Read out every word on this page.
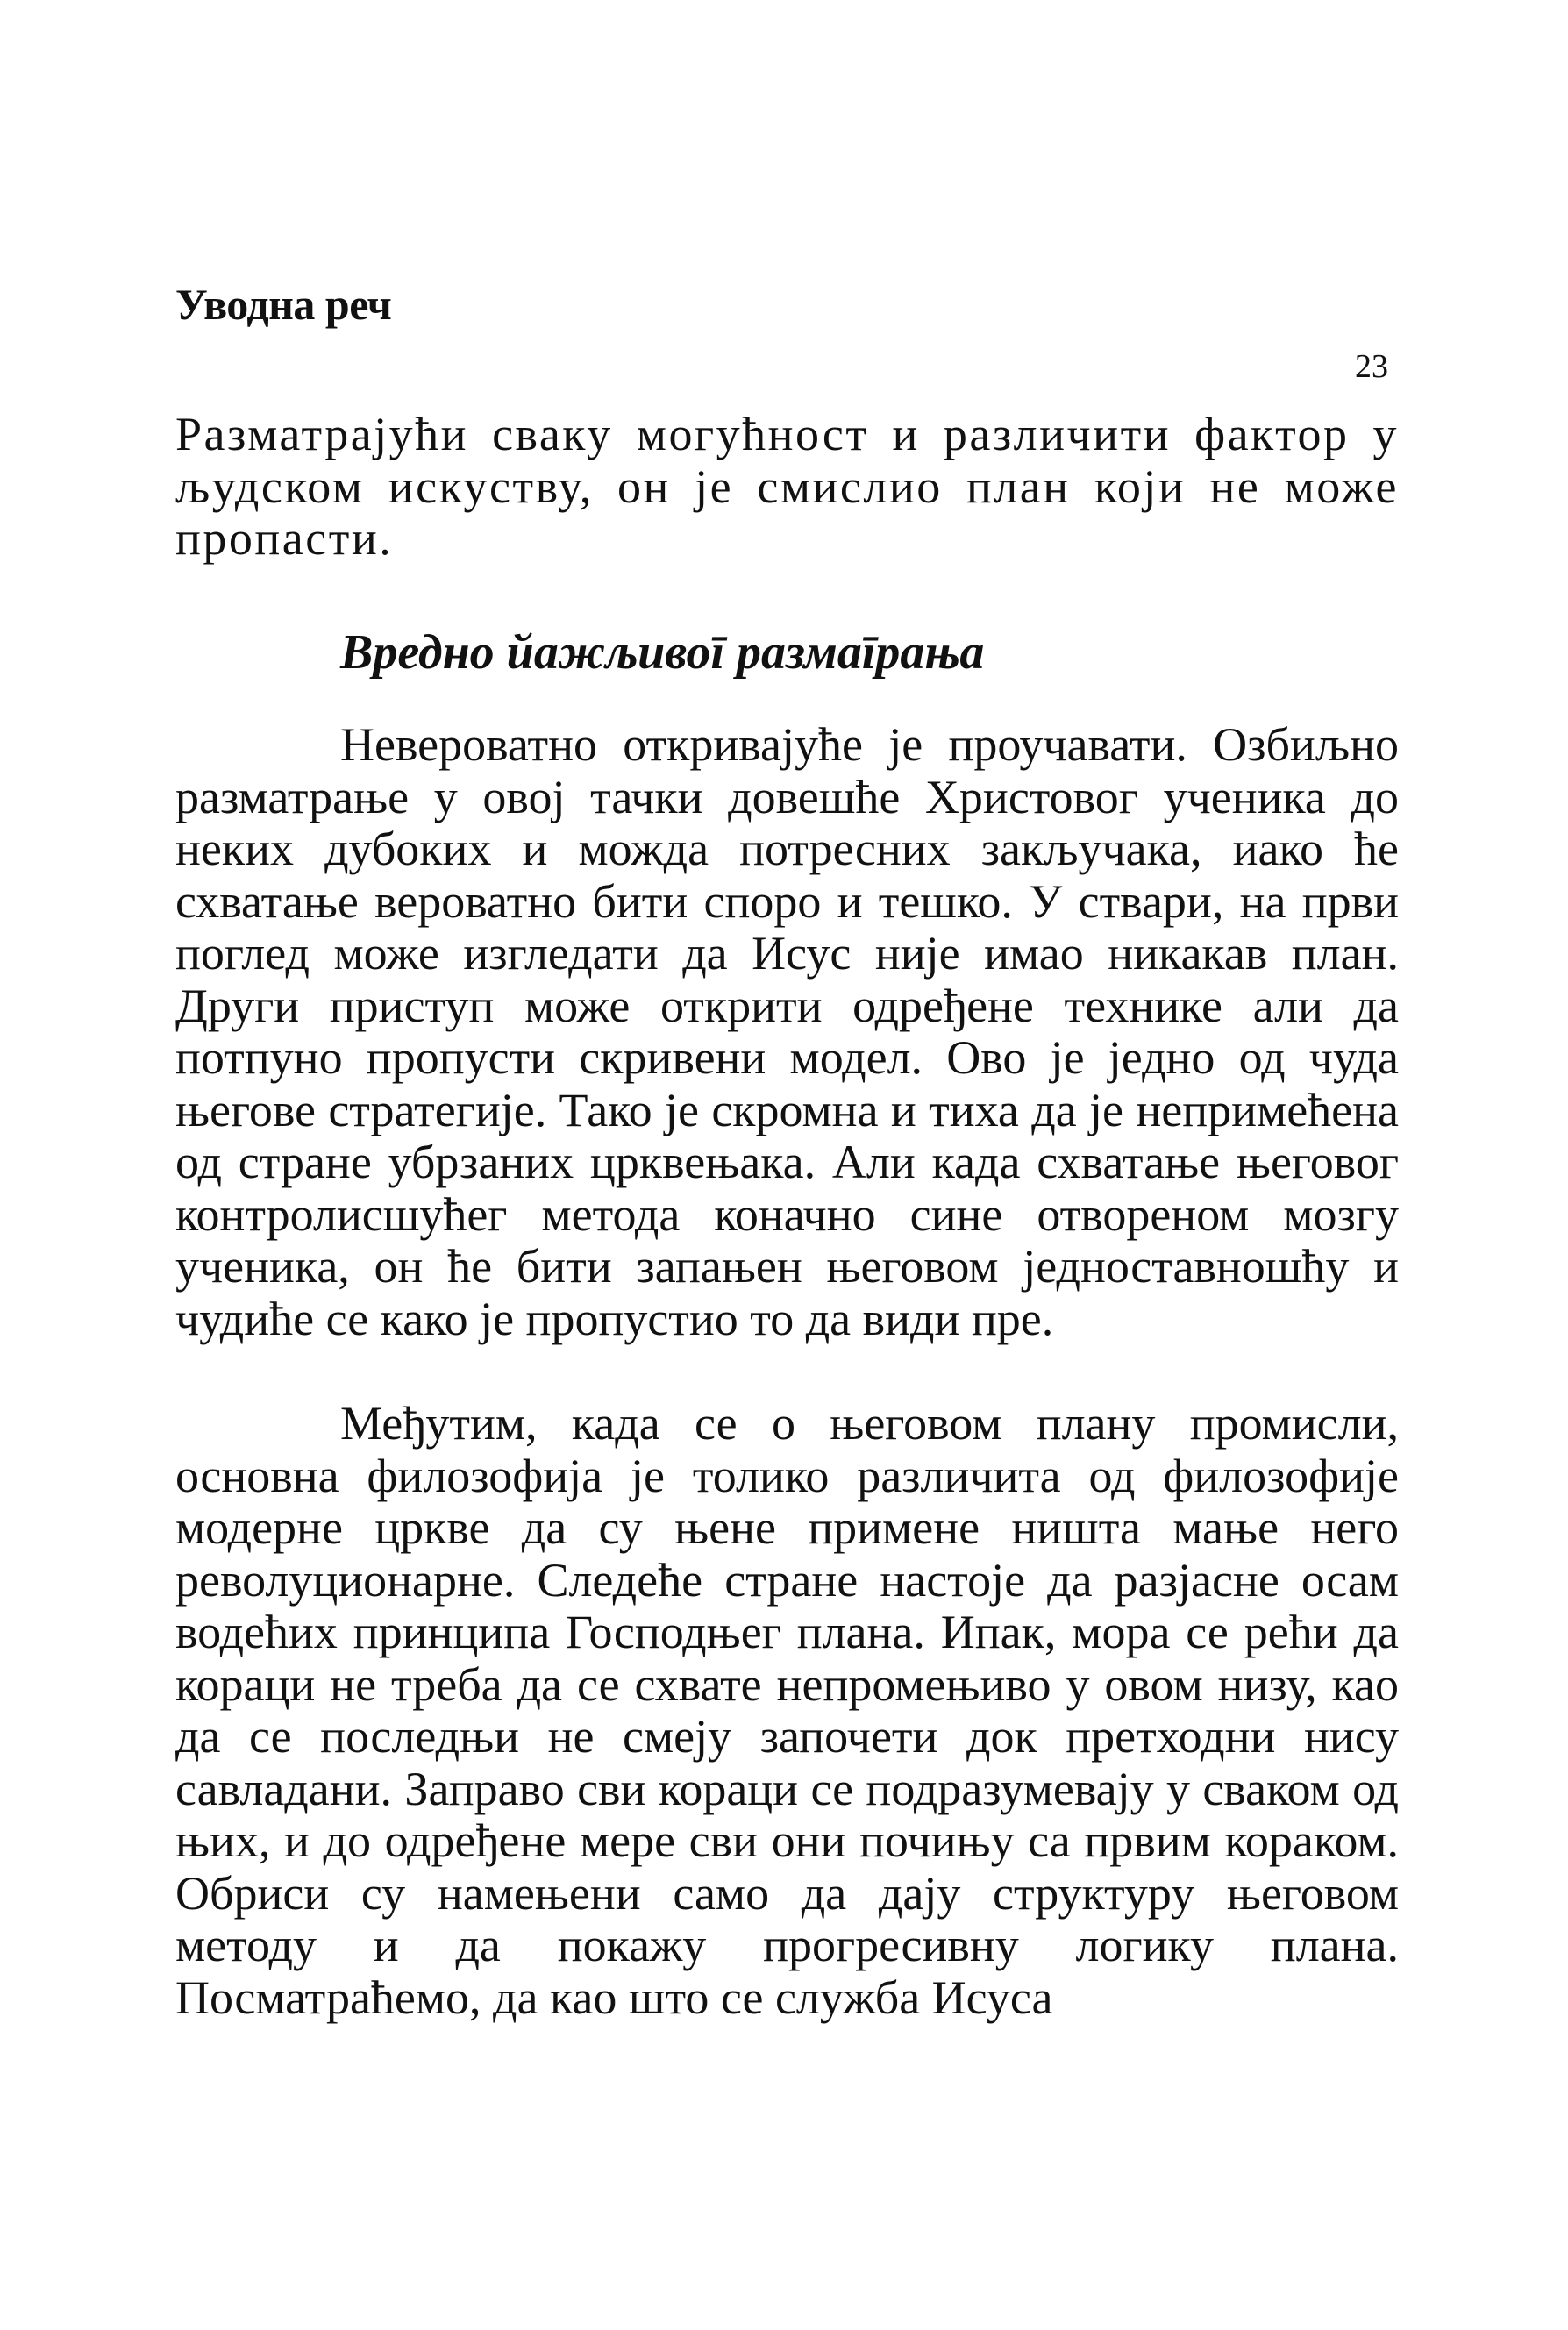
Уводна реч
23

Разматрајући сваку могућност и различити фактор у људском искуству, он је смислио план који не може пропасти.

Вредно йажљивоī размаīрања

Невероватно откривајуће је проучавати. Озбиљно разматрање у овој тачки довешће Христовог ученика до неких дубоких и можда потресних закључака, иако ће схватање вероватно бити споро и тешко. У ствари, на први поглед може изгледати да Исус није имао никакав план. Други приступ може открити одређене технике али да потпуно пропусти скривени модел. Ово је једно од чуда његове стратегије. Тако је скромна и тиха да је непримећена од стране убрзаних црквењака. Али када схватање његовог контролисшућег метода коначно сине отвореном мозгу ученика, он ће бити запањен његовом једноставношћу и чудиће се како је пропустио то да види пре.

Међутим, када се о његовом плану промисли, основна филозофија је толико различита од филозофије модерне цркве да су њене примене ништа мање него револуционарне. Следеће стране настоје да разјасне осам водећих принципа Господњег плана. Ипак, мора се рећи да кораци не треба да се схвате непромењиво у овом низу, као да се последњи не смеју започети док претходни нису савладани. Заправо сви кораци се подразумевају у сваком од њих, и до одређене мере сви они почињу са првим кораком. Обриси су намењени само да дају структуру његовом методу и да покажу прогресивну логику плана. Посматраћемо, да као што се служба Исуса
